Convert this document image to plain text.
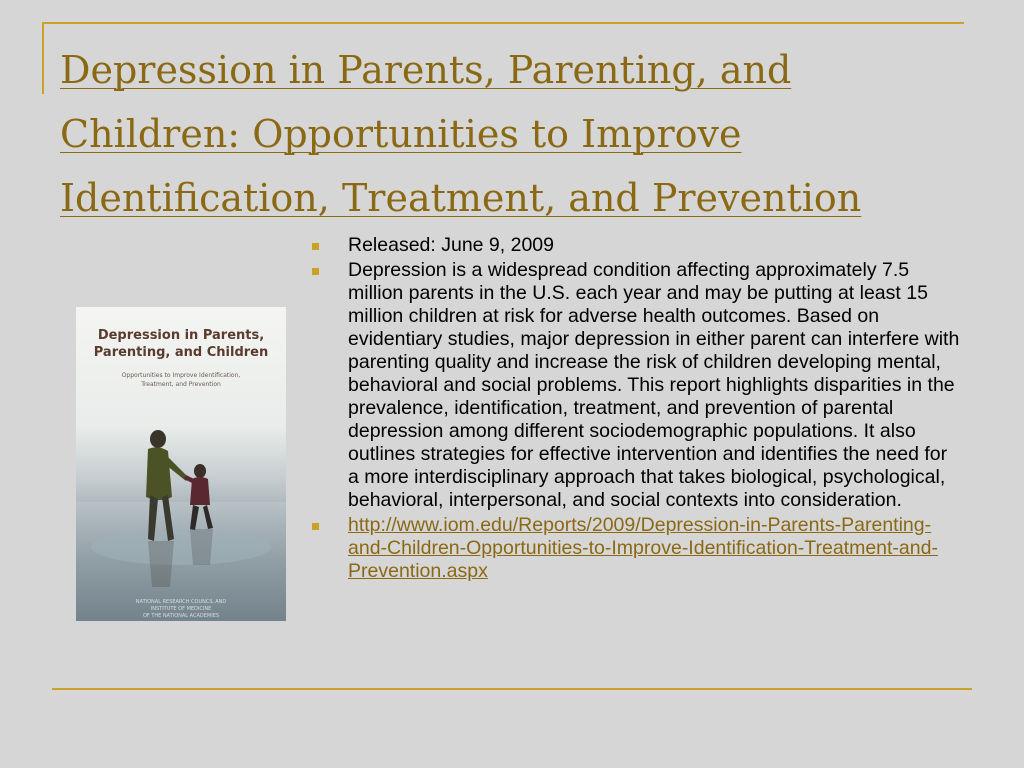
Depression in Parents, Parenting, and
Children: Opportunities to Improve
Identification, Treatment, and Prevention
Depression in Parents,
Parenting, and Children
Opportunities to Improve Identification,
Treatment, and Prevention
NATIONAL RESEARCH COUNCIL AND
INSTITUTE OF MEDICINE
OF THE NATIONAL ACADEMIES
Released: June 9, 2009
Depression is a widespread condition affecting approximately 7.5 million parents in the U.S. each year and may be putting at least 15 million children at risk for adverse health outcomes. Based on evidentiary studies, major depression in either parent can interfere with parenting quality and increase the risk of children developing mental, behavioral and social problems. This report highlights disparities in the prevalence, identification, treatment, and prevention of parental depression among different sociodemographic populations. It also outlines strategies for effective intervention and identifies the need for a more interdisciplinary approach that takes biological, psychological, behavioral, interpersonal, and social contexts into consideration.
http://www.iom.edu/Reports/2009/Depression-in-Parents-Parenting-and-Children-Opportunities-to-Improve-Identification-Treatment-and-Prevention.aspx
